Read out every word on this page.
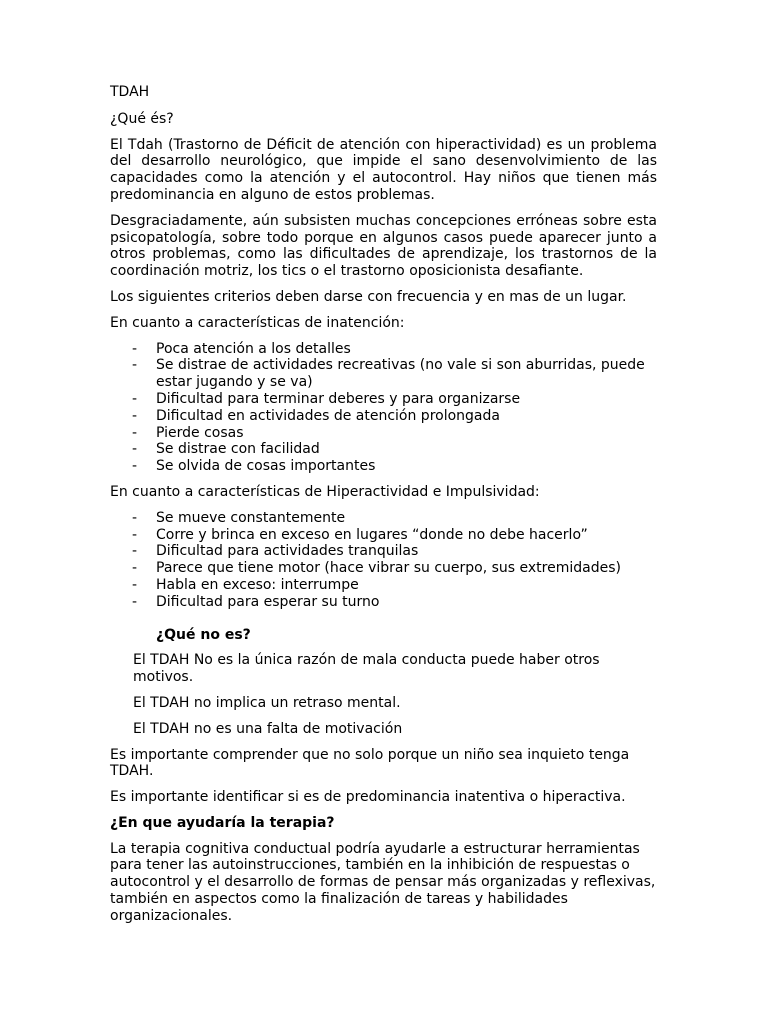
TDAH

¿Qué és?

El Tdah (Trastorno de Déficit de atención con hiperactividad) es un problema del desarrollo neurológico, que impide el sano desenvolvimiento de las capacidades como la atención y el autocontrol. Hay niños que tienen más predominancia en alguno de estos problemas.

Desgraciadamente, aún subsisten muchas concepciones erróneas sobre esta psicopatología, sobre todo porque en algunos casos puede aparecer junto a otros problemas, como las dificultades de aprendizaje, los trastornos de la coordinación motriz, los tics o el trastorno oposicionista desafiante.

Los siguientes criterios deben darse con frecuencia y en mas de un lugar.

En cuanto a características de inatención:

- Poca atención a los detalles
- Se distrae de actividades recreativas (no vale si son aburridas, puede estar jugando y se va)
- Dificultad para terminar deberes y para organizarse
- Dificultad en actividades de atención prolongada
- Pierde cosas
- Se distrae con facilidad
- Se olvida de cosas importantes

En cuanto a características de Hiperactividad e Impulsividad:

- Se mueve constantemente
- Corre y brinca en exceso en lugares “donde no debe hacerlo”
- Dificultad para actividades tranquilas
- Parece que tiene motor (hace vibrar su cuerpo, sus extremidades)
- Habla en exceso: interrumpe
- Dificultad para esperar su turno

¿Qué no es?

El TDAH No es la única razón de mala conducta puede haber otros motivos.

El TDAH no implica un retraso mental.

El TDAH no es una falta de motivación

Es importante comprender que no solo porque un niño sea inquieto tenga TDAH.

Es importante identificar si es de predominancia inatentiva o hiperactiva.

¿En que ayudaría la terapia?

La terapia cognitiva conductual podría ayudarle a estructurar herramientas para tener las autoinstrucciones, también en la inhibición de respuestas o autocontrol y el desarrollo de formas de pensar más organizadas y reflexivas, también en aspectos como la finalización de tareas y habilidades organizacionales.
